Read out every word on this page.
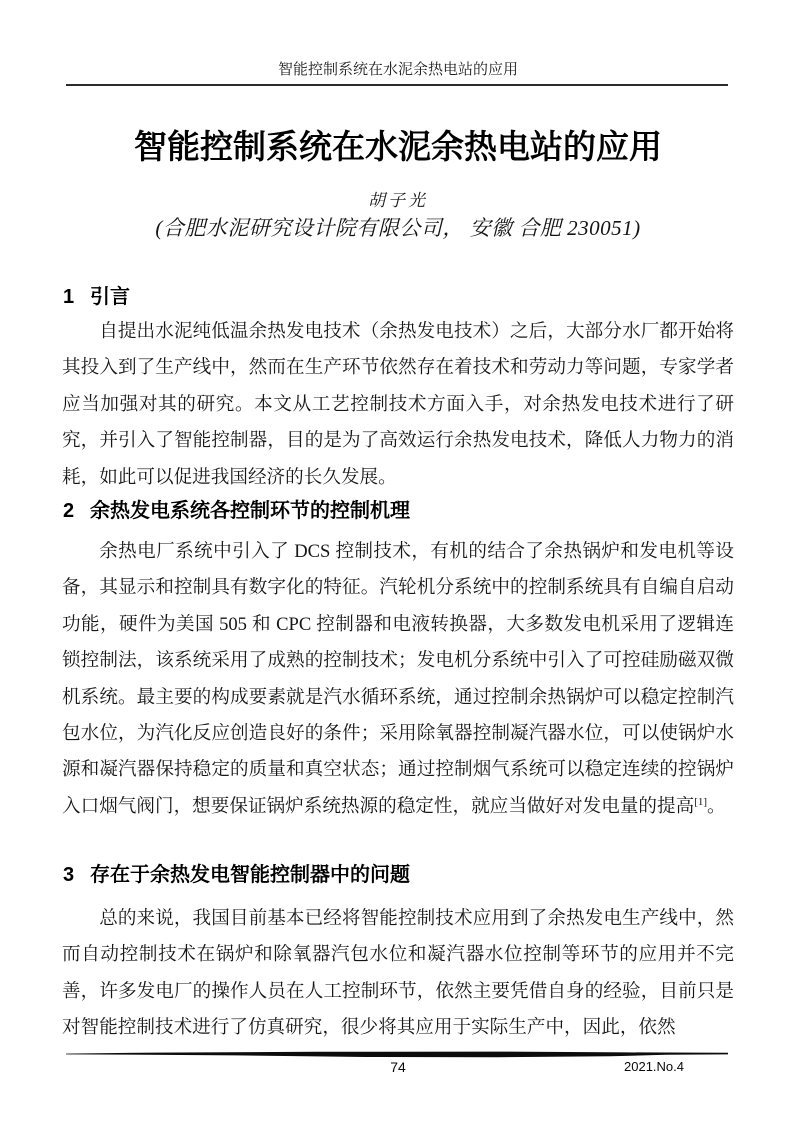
智能控制系统在水泥余热电站的应用
智能控制系统在水泥余热电站的应用
胡子光
(合肥水泥研究设计院有限公司， 安徽 合肥 230051)
1 引言

自提出水泥纯低温余热发电技术（余热发电技术）之后，大部分水厂都开始将其投入到了生产线中，然而在生产环节依然存在着技术和劳动力等问题，专家学者应当加强对其的研究。本文从工艺控制技术方面入手，对余热发电技术进行了研究，并引入了智能控制器，目的是为了高效运行余热发电技术，降低人力物力的消耗，如此可以促进我国经济的长久发展。

2 余热发电系统各控制环节的控制机理

余热电厂系统中引入了 DCS 控制技术，有机的结合了余热锅炉和发电机等设备，其显示和控制具有数字化的特征。汽轮机分系统中的控制系统具有自编自启动功能，硬件为美国 505 和 CPC 控制器和电液转换器，大多数发电机采用了逻辑连锁控制法，该系统采用了成熟的控制技术；发电机分系统中引入了可控硅励磁双微机系统。最主要的构成要素就是汽水循环系统，通过控制余热锅炉可以稳定控制汽包水位，为汽化反应创造良好的条件；采用除氧器控制凝汽器水位，可以使锅炉水源和凝汽器保持稳定的质量和真空状态；通过控制烟气系统可以稳定连续的控锅炉入口烟气阀门，想要保证锅炉系统热源的稳定性，就应当做好对发电量的提高[1]。

3 存在于余热发电智能控制器中的问题

总的来说，我国目前基本已经将智能控制技术应用到了余热发电生产线中，然而自动控制技术在锅炉和除氧器汽包水位和凝汽器水位控制等环节的应用并不完善，许多发电厂的操作人员在人工控制环节，依然主要凭借自身的经验，目前只是对智能控制技术进行了仿真研究，很少将其应用于实际生产中，因此，依然

74	2021.No.4
